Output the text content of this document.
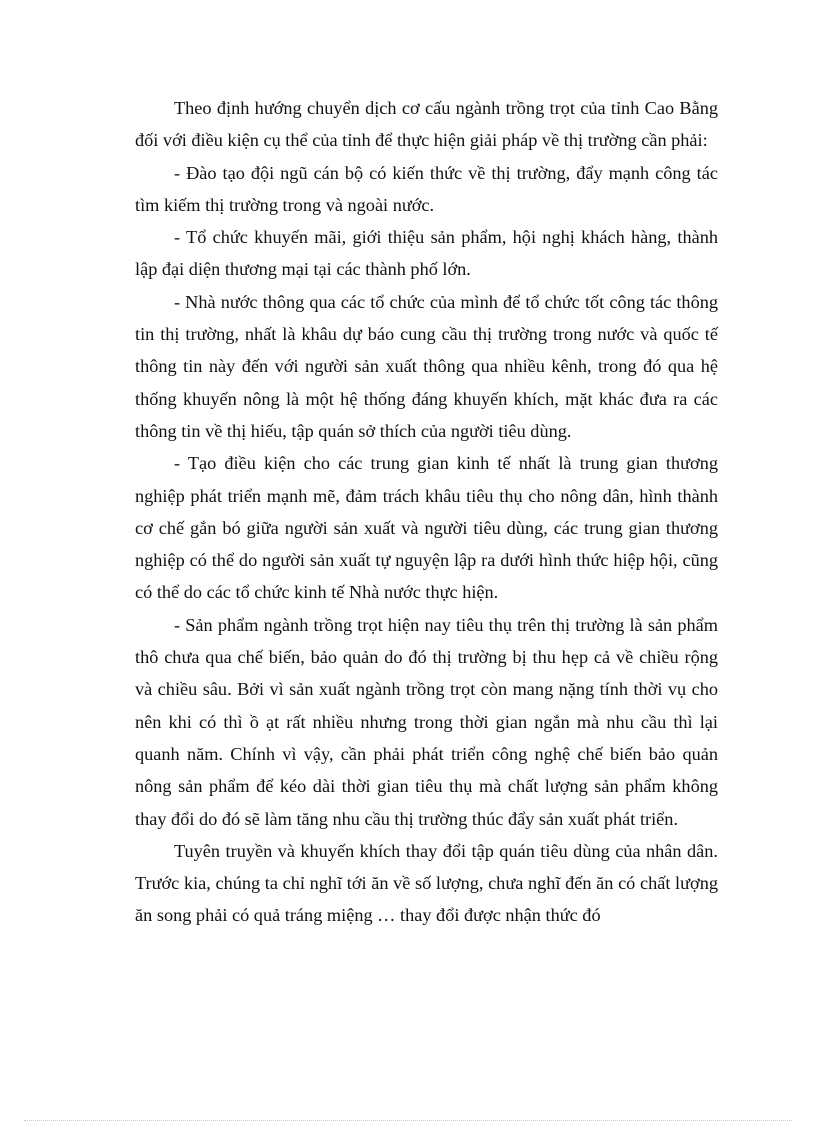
Theo định hướng chuyển dịch cơ cấu ngành trồng trọt của tỉnh Cao Bằng đối với điều kiện cụ thể của tỉnh để thực hiện giải pháp về thị trường cần phải:

- Đào tạo đội ngũ cán bộ có kiến thức về thị trường, đẩy mạnh công tác tìm kiếm thị trường trong và ngoài nước.

- Tổ chức khuyến mãi, giới thiệu sản phẩm, hội nghị khách hàng, thành lập đại diện thương mại tại các thành phố lớn.

- Nhà nước thông qua các tổ chức của mình để tổ chức tốt công tác thông tin thị trường, nhất là khâu dự báo cung cầu thị trường trong nước và quốc tế thông tin này đến với người sản xuất thông qua nhiều kênh, trong đó qua hệ thống khuyến nông là một hệ thống đáng khuyến khích, mặt khác đưa ra các thông tin về thị hiếu, tập quán sở thích của người tiêu dùng.

- Tạo điều kiện cho các trung gian kinh tế nhất là trung gian thương nghiệp phát triển mạnh mẽ, đảm trách khâu tiêu thụ cho nông dân, hình thành cơ chế gắn bó giữa người sản xuất và người tiêu dùng, các trung gian thương nghiệp có thể do người sản xuất tự nguyện lập ra dưới hình thức hiệp hội, cũng có thể do các tổ chức kinh tế Nhà nước thực hiện.

- Sản phẩm ngành trồng trọt hiện nay tiêu thụ trên thị trường là sản phẩm thô chưa qua chế biến, bảo quản do đó thị trường bị thu hẹp cả về chiều rộng và chiều sâu. Bởi vì sản xuất ngành trồng trọt còn mang nặng tính thời vụ cho nên khi có thì ồ ạt rất nhiều nhưng trong thời gian ngắn mà nhu cầu thì lại quanh năm. Chính vì vậy, cần phải phát triển công nghệ chế biến bảo quản nông sản phẩm để kéo dài thời gian tiêu thụ mà chất lượng sản phẩm không thay đổi do đó sẽ làm tăng nhu cầu thị trường thúc đẩy sản xuất phát triển.

Tuyên truyền và khuyến khích thay đổi tập quán tiêu dùng của nhân dân. Trước kia, chúng ta chỉ nghĩ tới ăn về số lượng, chưa nghĩ đến ăn có chất lượng ăn song phải có quả tráng miệng … thay đổi được nhận thức đó
